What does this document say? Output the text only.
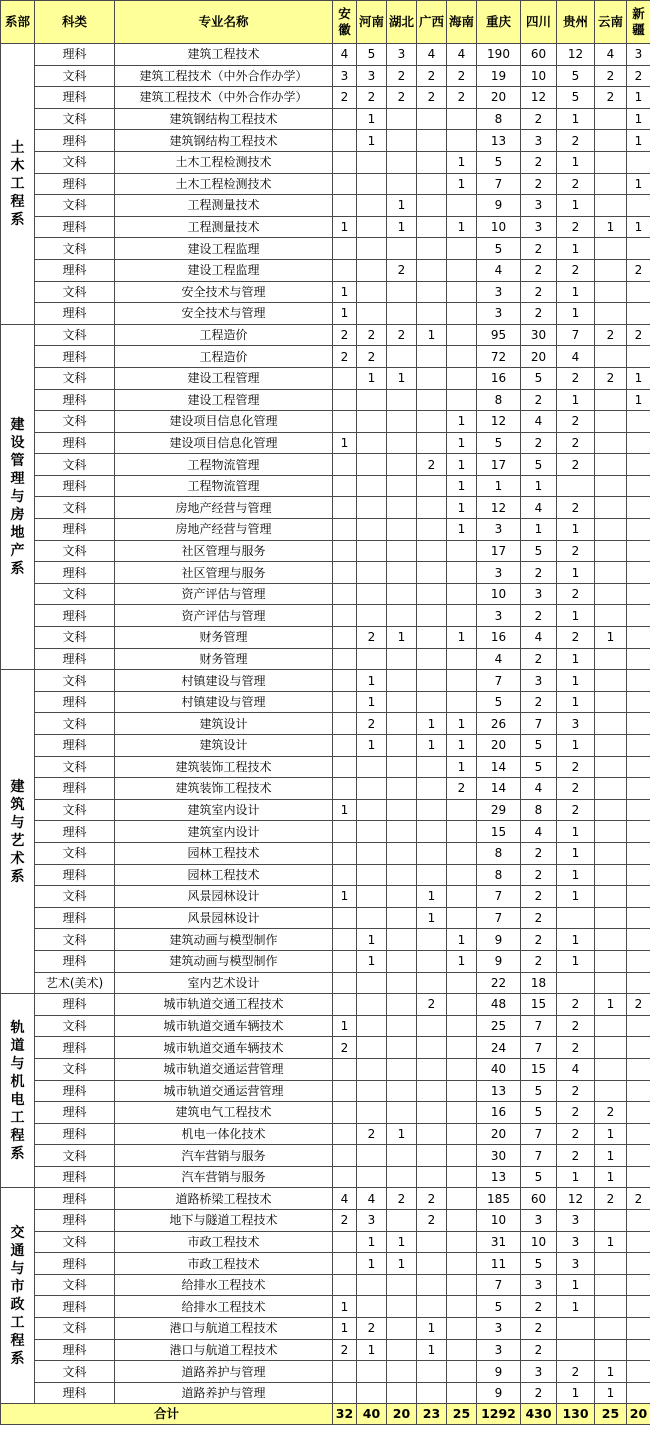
系部	科类	专业名称	安徽	河南	湖北	广西	海南	重庆	四川	贵州	云南	新疆
土木工程系	理科	建筑工程技术	4	5	3	4	4	190	60	12	4	3
	文科	建筑工程技术（中外合作办学）	3	3	2	2	2	19	10	5	2	2
	理科	建筑工程技术（中外合作办学）	2	2	2	2	2	20	12	5	2	1
	文科	建筑钢结构工程技术		1				8	2	1		1
	理科	建筑钢结构工程技术		1				13	3	2		1
	文科	土木工程检测技术					1	5	2	1		
	理科	土木工程检测技术					1	7	2	2		1
	文科	工程测量技术			1			9	3	1		
	理科	工程测量技术	1		1		1	10	3	2	1	1
	文科	建设工程监理						5	2	1		
	理科	建设工程监理			2			4	2	2		2
	文科	安全技术与管理	1					3	2	1		
	理科	安全技术与管理	1					3	2	1		
建设管理与房地产系	文科	工程造价	2	2	2	1		95	30	7	2	2
	理科	工程造价	2	2				72	20	4		
	文科	建设工程管理		1	1			16	5	2	2	1
	理科	建设工程管理						8	2	1		1
	文科	建设项目信息化管理					1	12	4	2		
	理科	建设项目信息化管理	1				1	5	2	2		
	文科	工程物流管理				2	1	17	5	2		
	理科	工程物流管理					1	1	1			
	文科	房地产经营与管理					1	12	4	2		
	理科	房地产经营与管理					1	3	1	1		
	文科	社区管理与服务						17	5	2		
	理科	社区管理与服务						3	2	1		
	文科	资产评估与管理						10	3	2		
	理科	资产评估与管理						3	2	1		
	文科	财务管理		2	1		1	16	4	2	1	
	理科	财务管理						4	2	1		
建筑与艺术系	文科	村镇建设与管理		1				7	3	1		
	理科	村镇建设与管理		1				5	2	1		
	文科	建筑设计		2		1	1	26	7	3		
	理科	建筑设计		1		1	1	20	5	1		
	文科	建筑装饰工程技术					1	14	5	2		
	理科	建筑装饰工程技术					2	14	4	2		
	文科	建筑室内设计	1					29	8	2		
	理科	建筑室内设计						15	4	1		
	文科	园林工程技术						8	2	1		
	理科	园林工程技术						8	2	1		
	文科	风景园林设计	1			1		7	2	1		
	理科	风景园林设计				1		7	2			
	文科	建筑动画与模型制作		1			1	9	2	1		
	理科	建筑动画与模型制作		1			1	9	2	1		
	艺术(美术)	室内艺术设计						22	18			
轨道与机电工程系	理科	城市轨道交通工程技术				2		48	15	2	1	2
	文科	城市轨道交通车辆技术	1					25	7	2		
	理科	城市轨道交通车辆技术	2					24	7	2		
	文科	城市轨道交通运营管理						40	15	4		
	理科	城市轨道交通运营管理						13	5	2		
	理科	建筑电气工程技术						16	5	2	2	
	理科	机电一体化技术		2	1			20	7	2	1	
	文科	汽车营销与服务						30	7	2	1	
	理科	汽车营销与服务						13	5	1	1	
交通与市政工程系	理科	道路桥梁工程技术	4	4	2	2		185	60	12	2	2
	理科	地下与隧道工程技术	2	3		2		10	3	3		
	文科	市政工程技术		1	1			31	10	3	1	
	理科	市政工程技术		1	1			11	5	3		
	文科	给排水工程技术						7	3	1		
	理科	给排水工程技术	1					5	2	1		
	文科	港口与航道工程技术	1	2		1		3	2			
	理科	港口与航道工程技术	2	1		1		3	2			
	文科	道路养护与管理						9	3	2	1	
	理科	道路养护与管理						9	2	1	1	
合计			32	40	20	23	25	1292	430	130	25	20
